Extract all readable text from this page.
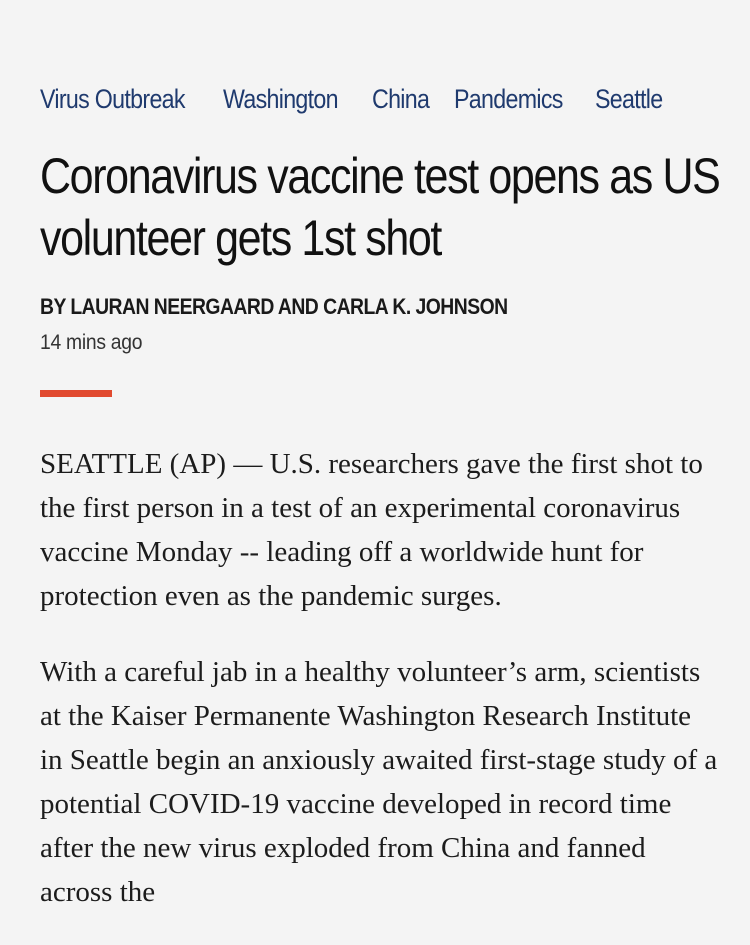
Virus Outbreak Washington China Pandemics Seattle
Coronavirus vaccine test opens as US volunteer gets 1st shot
BY LAURAN NEERGAARD AND CARLA K. JOHNSON
14 mins ago

SEATTLE (AP) — U.S. researchers gave the first shot to the first person in a test of an experimental coronavirus vaccine Monday -- leading off a worldwide hunt for protection even as the pandemic surges.

With a careful jab in a healthy volunteer’s arm, scientists at the Kaiser Permanente Washington Research Institute in Seattle begin an anxiously awaited first-stage study of a potential COVID-19 vaccine developed in record time after the new virus exploded from China and fanned across the
